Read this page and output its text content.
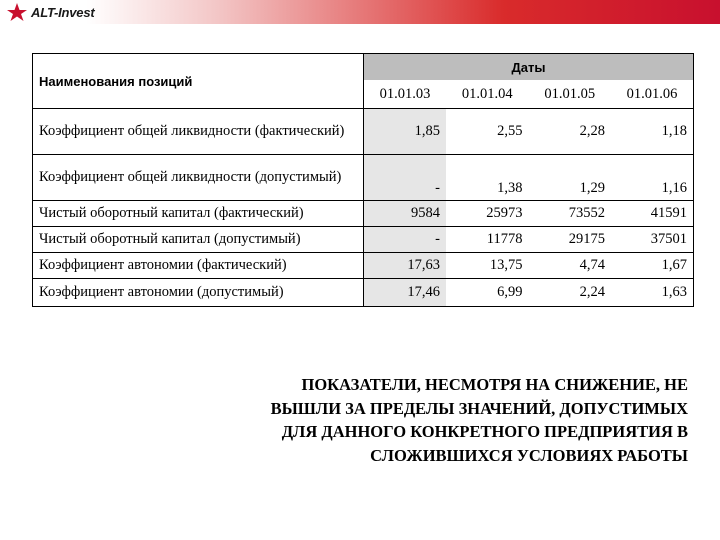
ALT-Invest
Наименования позиций	Даты			
	01.01.03	01.01.04	01.01.05	01.01.06
Коэффициент общей ликвидности (фактический)	1,85	2,55	2,28	1,18
Коэффициент общей ликвидности (допустимый)	-	1,38	1,29	1,16
Чистый оборотный капитал (фактический)	9584	25973	73552	41591
Чистый оборотный капитал (допустимый)	-	11778	29175	37501
Коэффициент автономии (фактический)	17,63	13,75	4,74	1,67
Коэффициент автономии (допустимый)	17,46	6,99	2,24	1,63
ПОКАЗАТЕЛИ, НЕСМОТРЯ НА СНИЖЕНИЕ, НЕ
ВЫШЛИ ЗА ПРЕДЕЛЫ ЗНАЧЕНИЙ, ДОПУСТИМЫХ
ДЛЯ ДАННОГО КОНКРЕТНОГО ПРЕДПРИЯТИЯ В
СЛОЖИВШИХСЯ УСЛОВИЯХ РАБОТЫ
